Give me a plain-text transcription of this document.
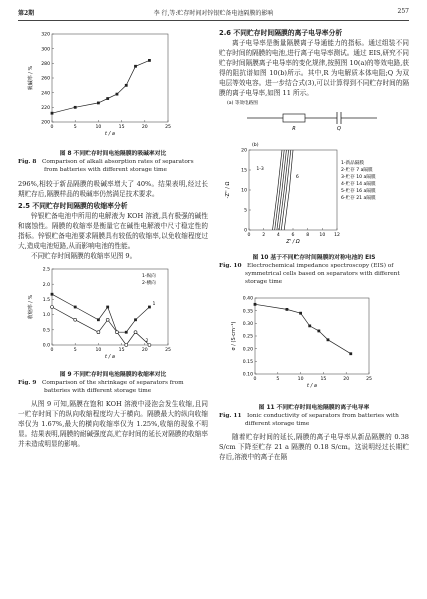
第2期	李 行,等:贮存时间对锌银贮备电池隔膜的影响	257
0	5	10	15	20	25
200
220
240
260
280
300
320
t / a
吸碱率 / %

图 8 不同贮存时间电池隔膜的吸碱率对比

Fig. 8 Comparison of alkali absorption rates of separators from batteries with different storage time

296%,相较于新品隔膜的吸碱率增大了 40%。结果表明,经过长期贮存后,隔膜样品的吸碱率仍然满足技术要求。

2.5 不同贮存时间隔膜的收缩率分析

锌银贮备电池中所用的电解液为 KOH 溶液,具有极强的碱性和腐蚀性。隔膜的收缩率是衡量它在碱性电解液中尺寸稳定性的指标。锌银贮备电池要求隔膜具有较低的收缩率,以免收缩程度过大,造成电池短路,从而影响电池的性能。

不同贮存时间隔膜的收缩率见图 9。

0	5	10	15	20	25
0.0
0.5
1.0
1.5
2.0
2.5
t / a
收缩率 / %
1-纵向
2-横向
1
2

图 9 不同贮存时间电池隔膜的收缩率对比

Fig. 9 Comparison of the shrinkage of separators from batteries with different storage time

从图 9 可知,隔膜在饱和 KOH 溶液中浸泡会发生收缩,且同一贮存时间下的纵向收缩程度均大于横向。隔膜最大的纵向收缩率仅为 1.67%,最大的横向收缩率仅为 1.25%,收缩的现象不明显。结果表明,隔膜的耐碱强度高,贮存时间的延长对隔膜的收缩率并未造成明显的影响。

2.6 不同贮存时间隔膜的离子电导率分析

离子电导率是衡量隔膜离子导通能力的指标。通过组装不同贮存时间的隔膜的电池,进行离子电导率测试。通过 EIS,研究不同贮存时间隔膜离子电导率的变化规律,按照图 10(a)的等效电路,获得的阻抗谱如图 10(b)所示。其中,R 为电解质本体电阻;Q 为双电层等效电容。进一步结合式(3),可以计算得到不同贮存时间的隔膜的离子电导率,如图 11 所示。

(a) 等效电路图
R	Q

0	2	4	6	8 10 12
0
5
10
15
20
Z' / Ω
-Z'' / Ω
(b)
1-新品隔膜
2-贮存 7 a隔膜
3-贮存 10 a隔膜
4-贮存 14 a隔膜
5-贮存 16 a隔膜
6-贮存 21 a隔膜
1-3
6

图 10 基于不同贮存时间隔膜的对称电池的 EIS

Fig. 10 Electrochemical impedance spectroscopy (EIS) of symmetrical cells based on separators with different storage time

0	5	10	15	20	25
0.10
0.15
0.20
0.25
0.30
0.35
0.40
t / a
σ / (S·cm⁻¹)

图 11 不同贮存时间电池隔膜的离子电导率

Fig. 11 Ionic conductivity of separators from batteries with different storage time

随着贮存时间的延长,隔膜的离子电导率从新品隔膜的 0.38 S/cm 下降至贮存 21 a 隔膜的 0.18 S/cm。这说明经过长期贮存后,溶液中的离子在隔
